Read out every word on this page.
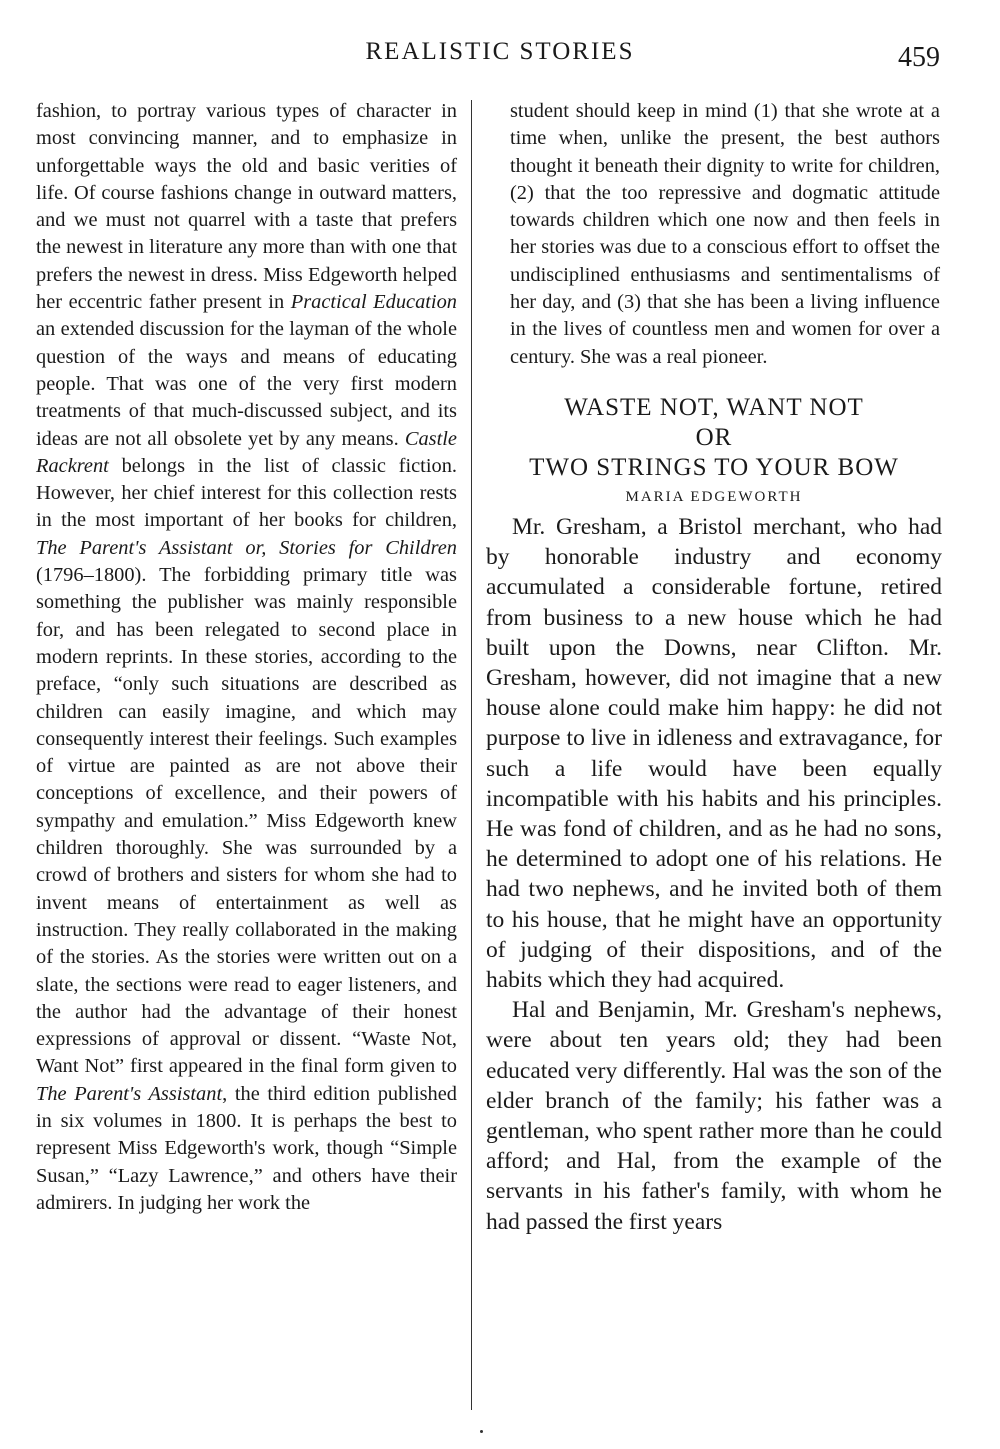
REALISTIC STORIES	459

fashion, to portray various types of character in most convincing manner, and to emphasize in unforgettable ways the old and basic verities of life. Of course fashions change in outward matters, and we must not quarrel with a taste that prefers the newest in literature any more than with one that prefers the newest in dress. Miss Edgeworth helped her eccentric father present in Practical Education an extended discussion for the layman of the whole question of the ways and means of educating people. That was one of the very first modern treatments of that much-discussed subject, and its ideas are not all obsolete yet by any means. Castle Rackrent belongs in the list of classic fiction. However, her chief interest for this collection rests in the most important of her books for children, The Parent's Assistant or, Stories for Children (1796–1800). The forbidding primary title was something the publisher was mainly responsible for, and has been relegated to second place in modern reprints. In these stories, according to the preface, “only such situations are described as children can easily imagine, and which may consequently interest their feelings. Such examples of virtue are painted as are not above their conceptions of excellence, and their powers of sympathy and emulation.” Miss Edgeworth knew children thoroughly. She was surrounded by a crowd of brothers and sisters for whom she had to invent means of entertainment as well as instruction. They really collaborated in the making of the stories. As the stories were written out on a slate, the sections were read to eager listeners, and the author had the advantage of their honest expressions of approval or dissent. “Waste Not, Want Not” first appeared in the final form given to The Parent's Assistant, the third edition published in six volumes in 1800. It is perhaps the best to represent Miss Edgeworth's work, though “Simple Susan,” “Lazy Lawrence,” and others have their admirers. In judging her work the

student should keep in mind (1) that she wrote at a time when, unlike the present, the best authors thought it beneath their dignity to write for children, (2) that the too repressive and dogmatic attitude towards children which one now and then feels in her stories was due to a conscious effort to offset the undisciplined enthusiasms and sentimentalisms of her day, and (3) that she has been a living influence in the lives of countless men and women for over a century. She was a real pioneer.

WASTE NOT, WANT NOT
OR
TWO STRINGS TO YOUR BOW
MARIA EDGEWORTH

Mr. Gresham, a Bristol merchant, who had by honorable industry and economy accumulated a considerable fortune, retired from business to a new house which he had built upon the Downs, near Clifton. Mr. Gresham, however, did not imagine that a new house alone could make him happy: he did not purpose to live in idleness and extravagance, for such a life would have been equally incompatible with his habits and his principles. He was fond of children, and as he had no sons, he determined to adopt one of his relations. He had two nephews, and he invited both of them to his house, that he might have an opportunity of judging of their dispositions, and of the habits which they had acquired.

Hal and Benjamin, Mr. Gresham's nephews, were about ten years old; they had been educated very differently. Hal was the son of the elder branch of the family; his father was a gentleman, who spent rather more than he could afford; and Hal, from the example of the servants in his father's family, with whom he had passed the first years
